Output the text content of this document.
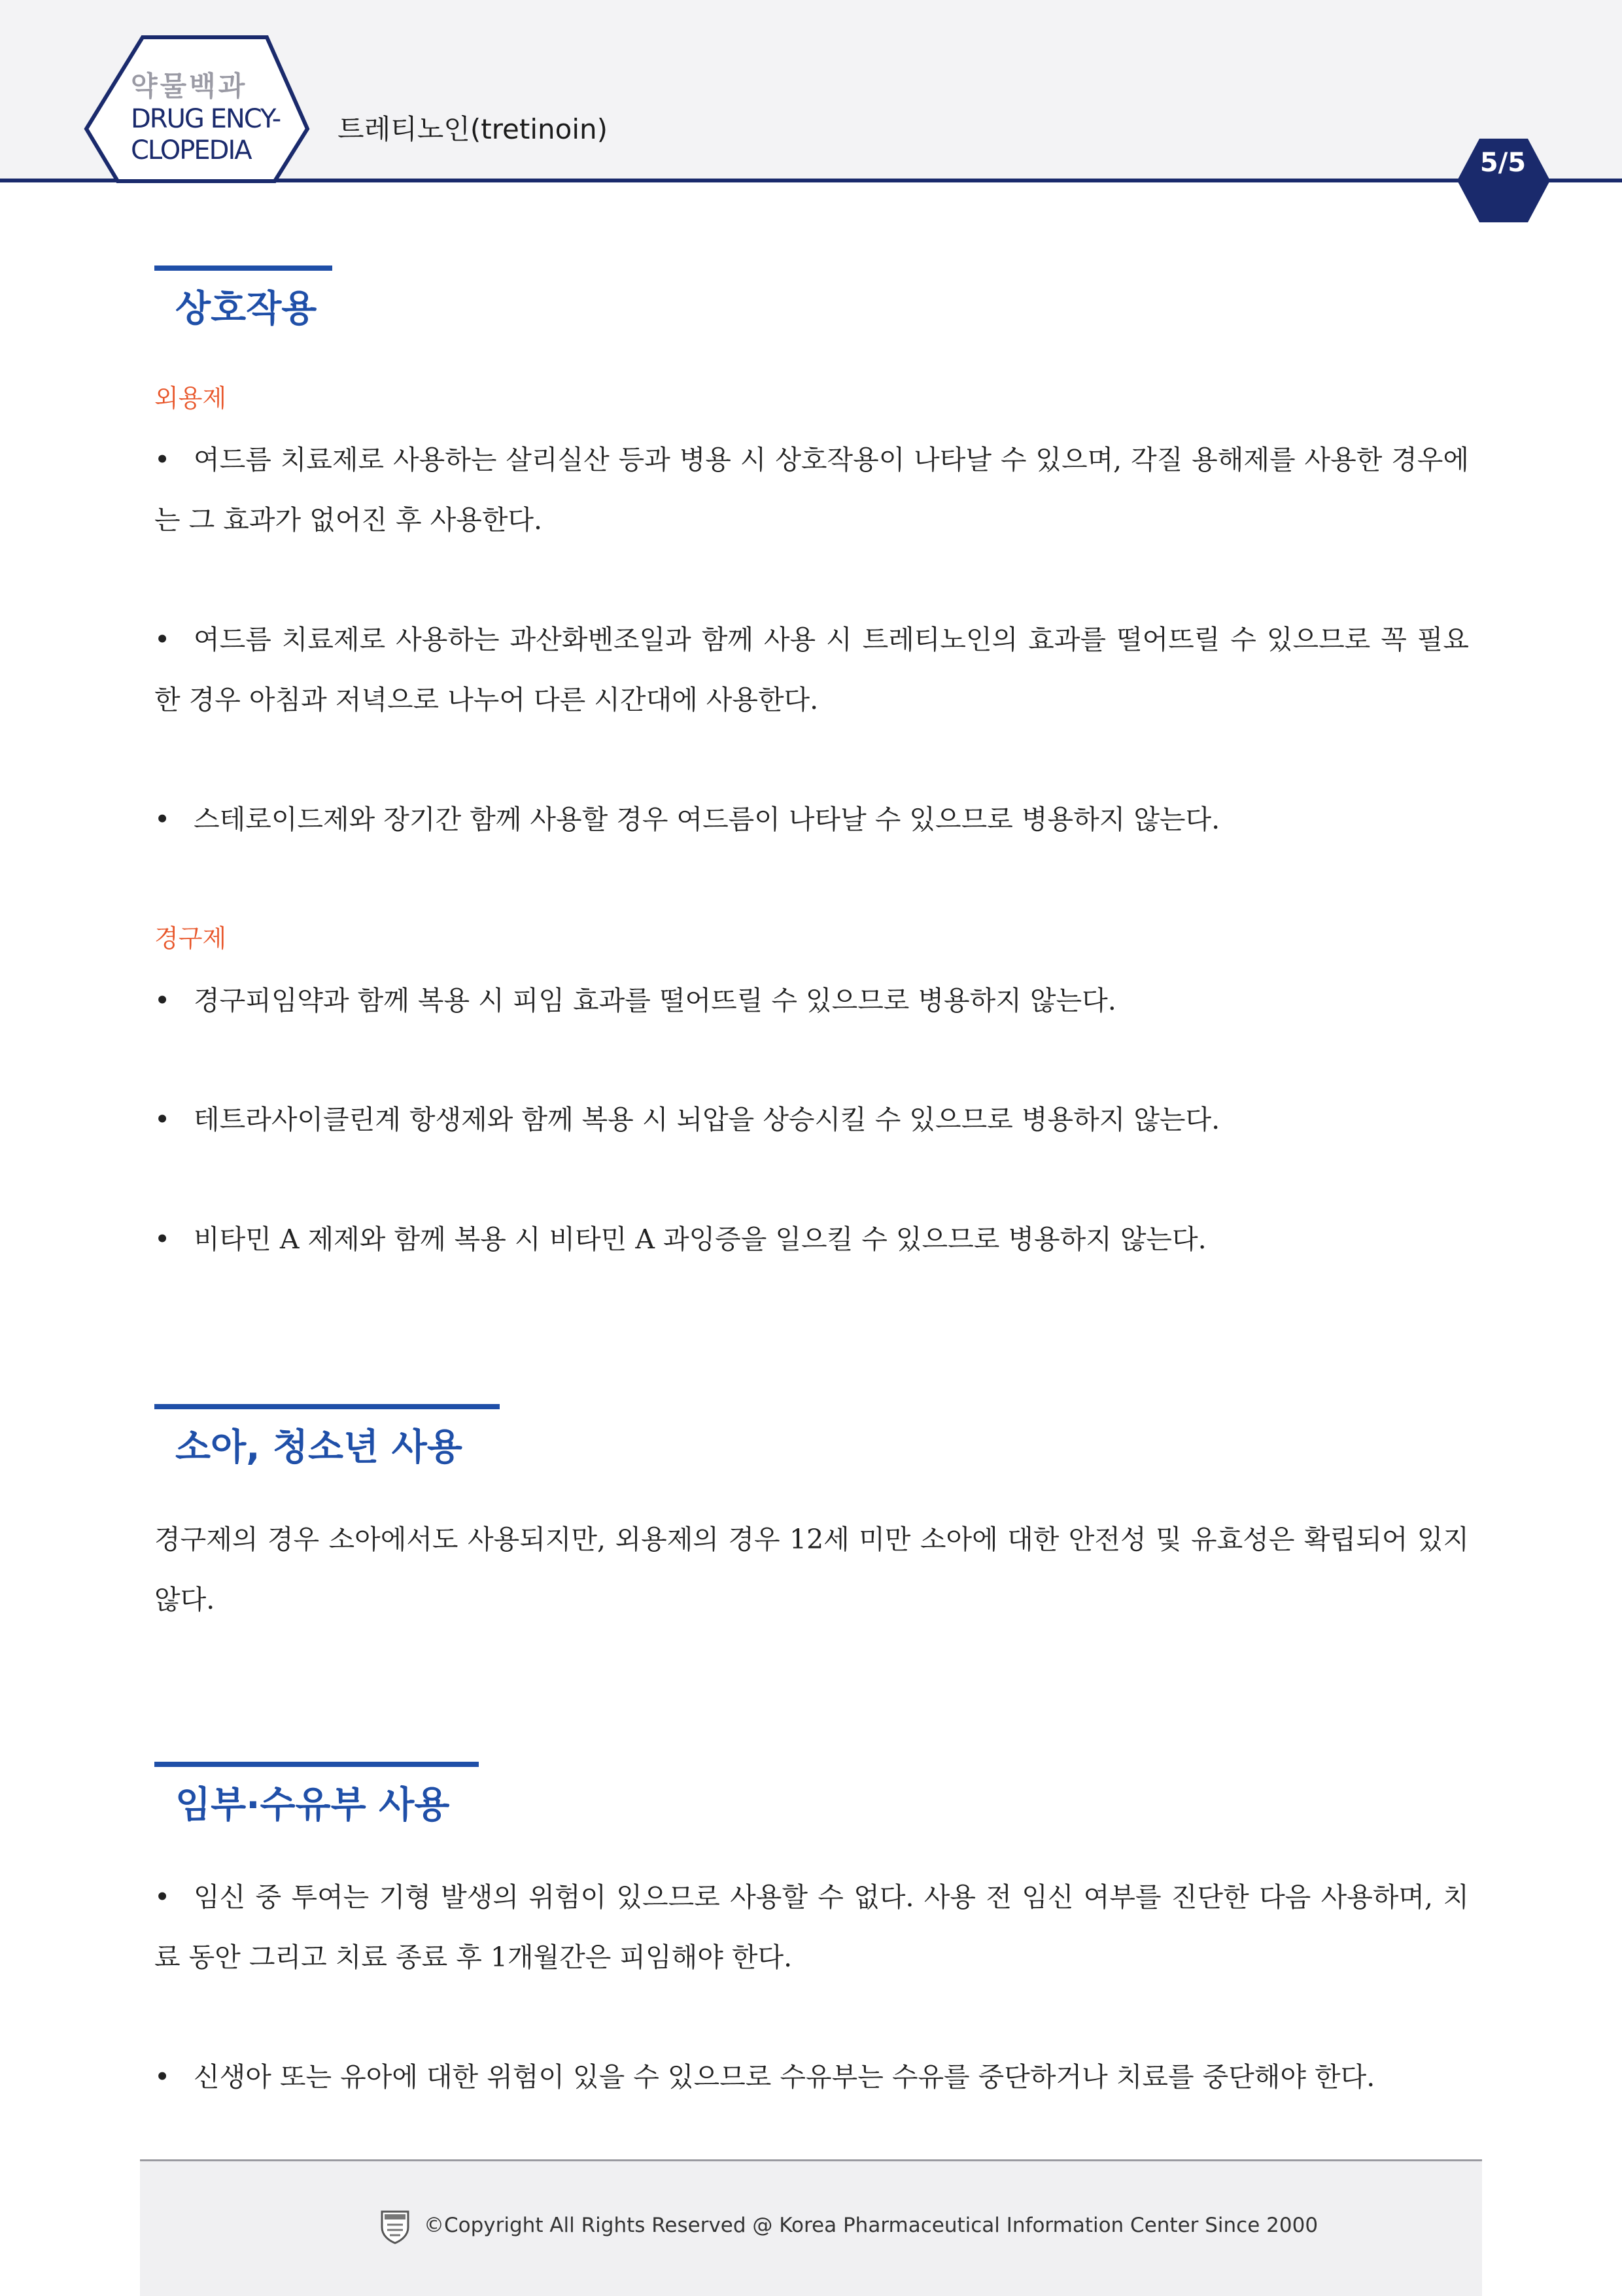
약물백과
DRUG ENCY-
CLOPEDIA
트레티노인(tretinoin)
5/5
상호작용
외용제
• 여드름 치료제로 사용하는 살리실산 등과 병용 시 상호작용이 나타날 수 있으며, 각질 용해제를 사용한 경우에는 그 효과가 없어진 후 사용한다.
• 여드름 치료제로 사용하는 과산화벤조일과 함께 사용 시 트레티노인의 효과를 떨어뜨릴 수 있으므로 꼭 필요한 경우 아침과 저녁으로 나누어 다른 시간대에 사용한다.
• 스테로이드제와 장기간 함께 사용할 경우 여드름이 나타날 수 있으므로 병용하지 않는다.
경구제
• 경구피임약과 함께 복용 시 피임 효과를 떨어뜨릴 수 있으므로 병용하지 않는다.
• 테트라사이클린계 항생제와 함께 복용 시 뇌압을 상승시킬 수 있으므로 병용하지 않는다.
• 비타민 A 제제와 함께 복용 시 비타민 A 과잉증을 일으킬 수 있으므로 병용하지 않는다.
소아, 청소년 사용
경구제의 경우 소아에서도 사용되지만, 외용제의 경우 12세 미만 소아에 대한 안전성 및 유효성은 확립되어 있지 않다.
임부·수유부 사용
• 임신 중 투여는 기형 발생의 위험이 있으므로 사용할 수 없다. 사용 전 임신 여부를 진단한 다음 사용하며, 치료 동안 그리고 치료 종료 후 1개월간은 피임해야 한다.
• 신생아 또는 유아에 대한 위험이 있을 수 있으므로 수유부는 수유를 중단하거나 치료를 중단해야 한다.
©Copyright All Rights Reserved @ Korea Pharmaceutical Information Center Since 2000
